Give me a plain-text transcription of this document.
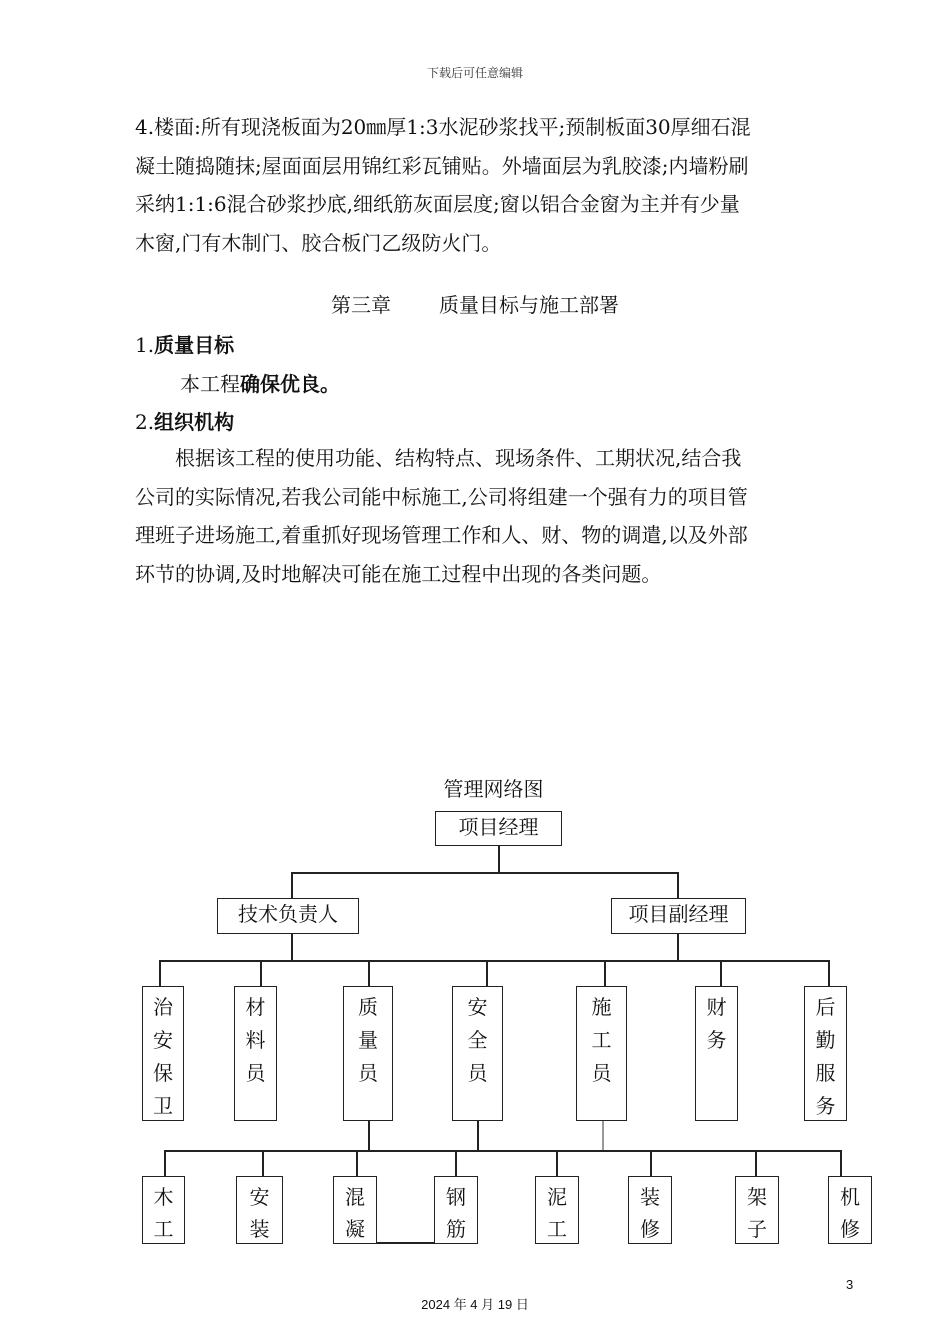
下载后可任意编辑
4.楼面:所有现浇板面为20㎜厚1:3水泥砂浆找平;预制板面30厚细石混
凝土随捣随抹;屋面面层用锦红彩瓦铺贴。外墙面层为乳胶漆;内墙粉刷
采纳1:1:6混合砂浆抄底,细纸筋灰面层度;窗以铝合金窗为主并有少量
木窗,门有木制门、胶合板门乙级防火门。
第三章 质量目标与施工部署
1.质量目标
本工程确保优良。
2.组织机构
　　根据该工程的使用功能、结构特点、现场条件、工期状况,结合我
公司的实际情况,若我公司能中标施工,公司将组建一个强有力的项目管
理班子进场施工,着重抓好现场管理工作和人、财、物的调遣,以及外部
环节的协调,及时地解决可能在施工过程中出现的各类问题。
管理网络图
项目经理
技术负责人	项目副经理
治
安
保
卫
材
料
员
质
量
员
安
全
员
施
工
员
财
务
后
勤
服
务
木
工
安
装
混
凝
钢
筋
泥
工
装
修
架
子
机
修
3
2024 年 4 月 19 日
